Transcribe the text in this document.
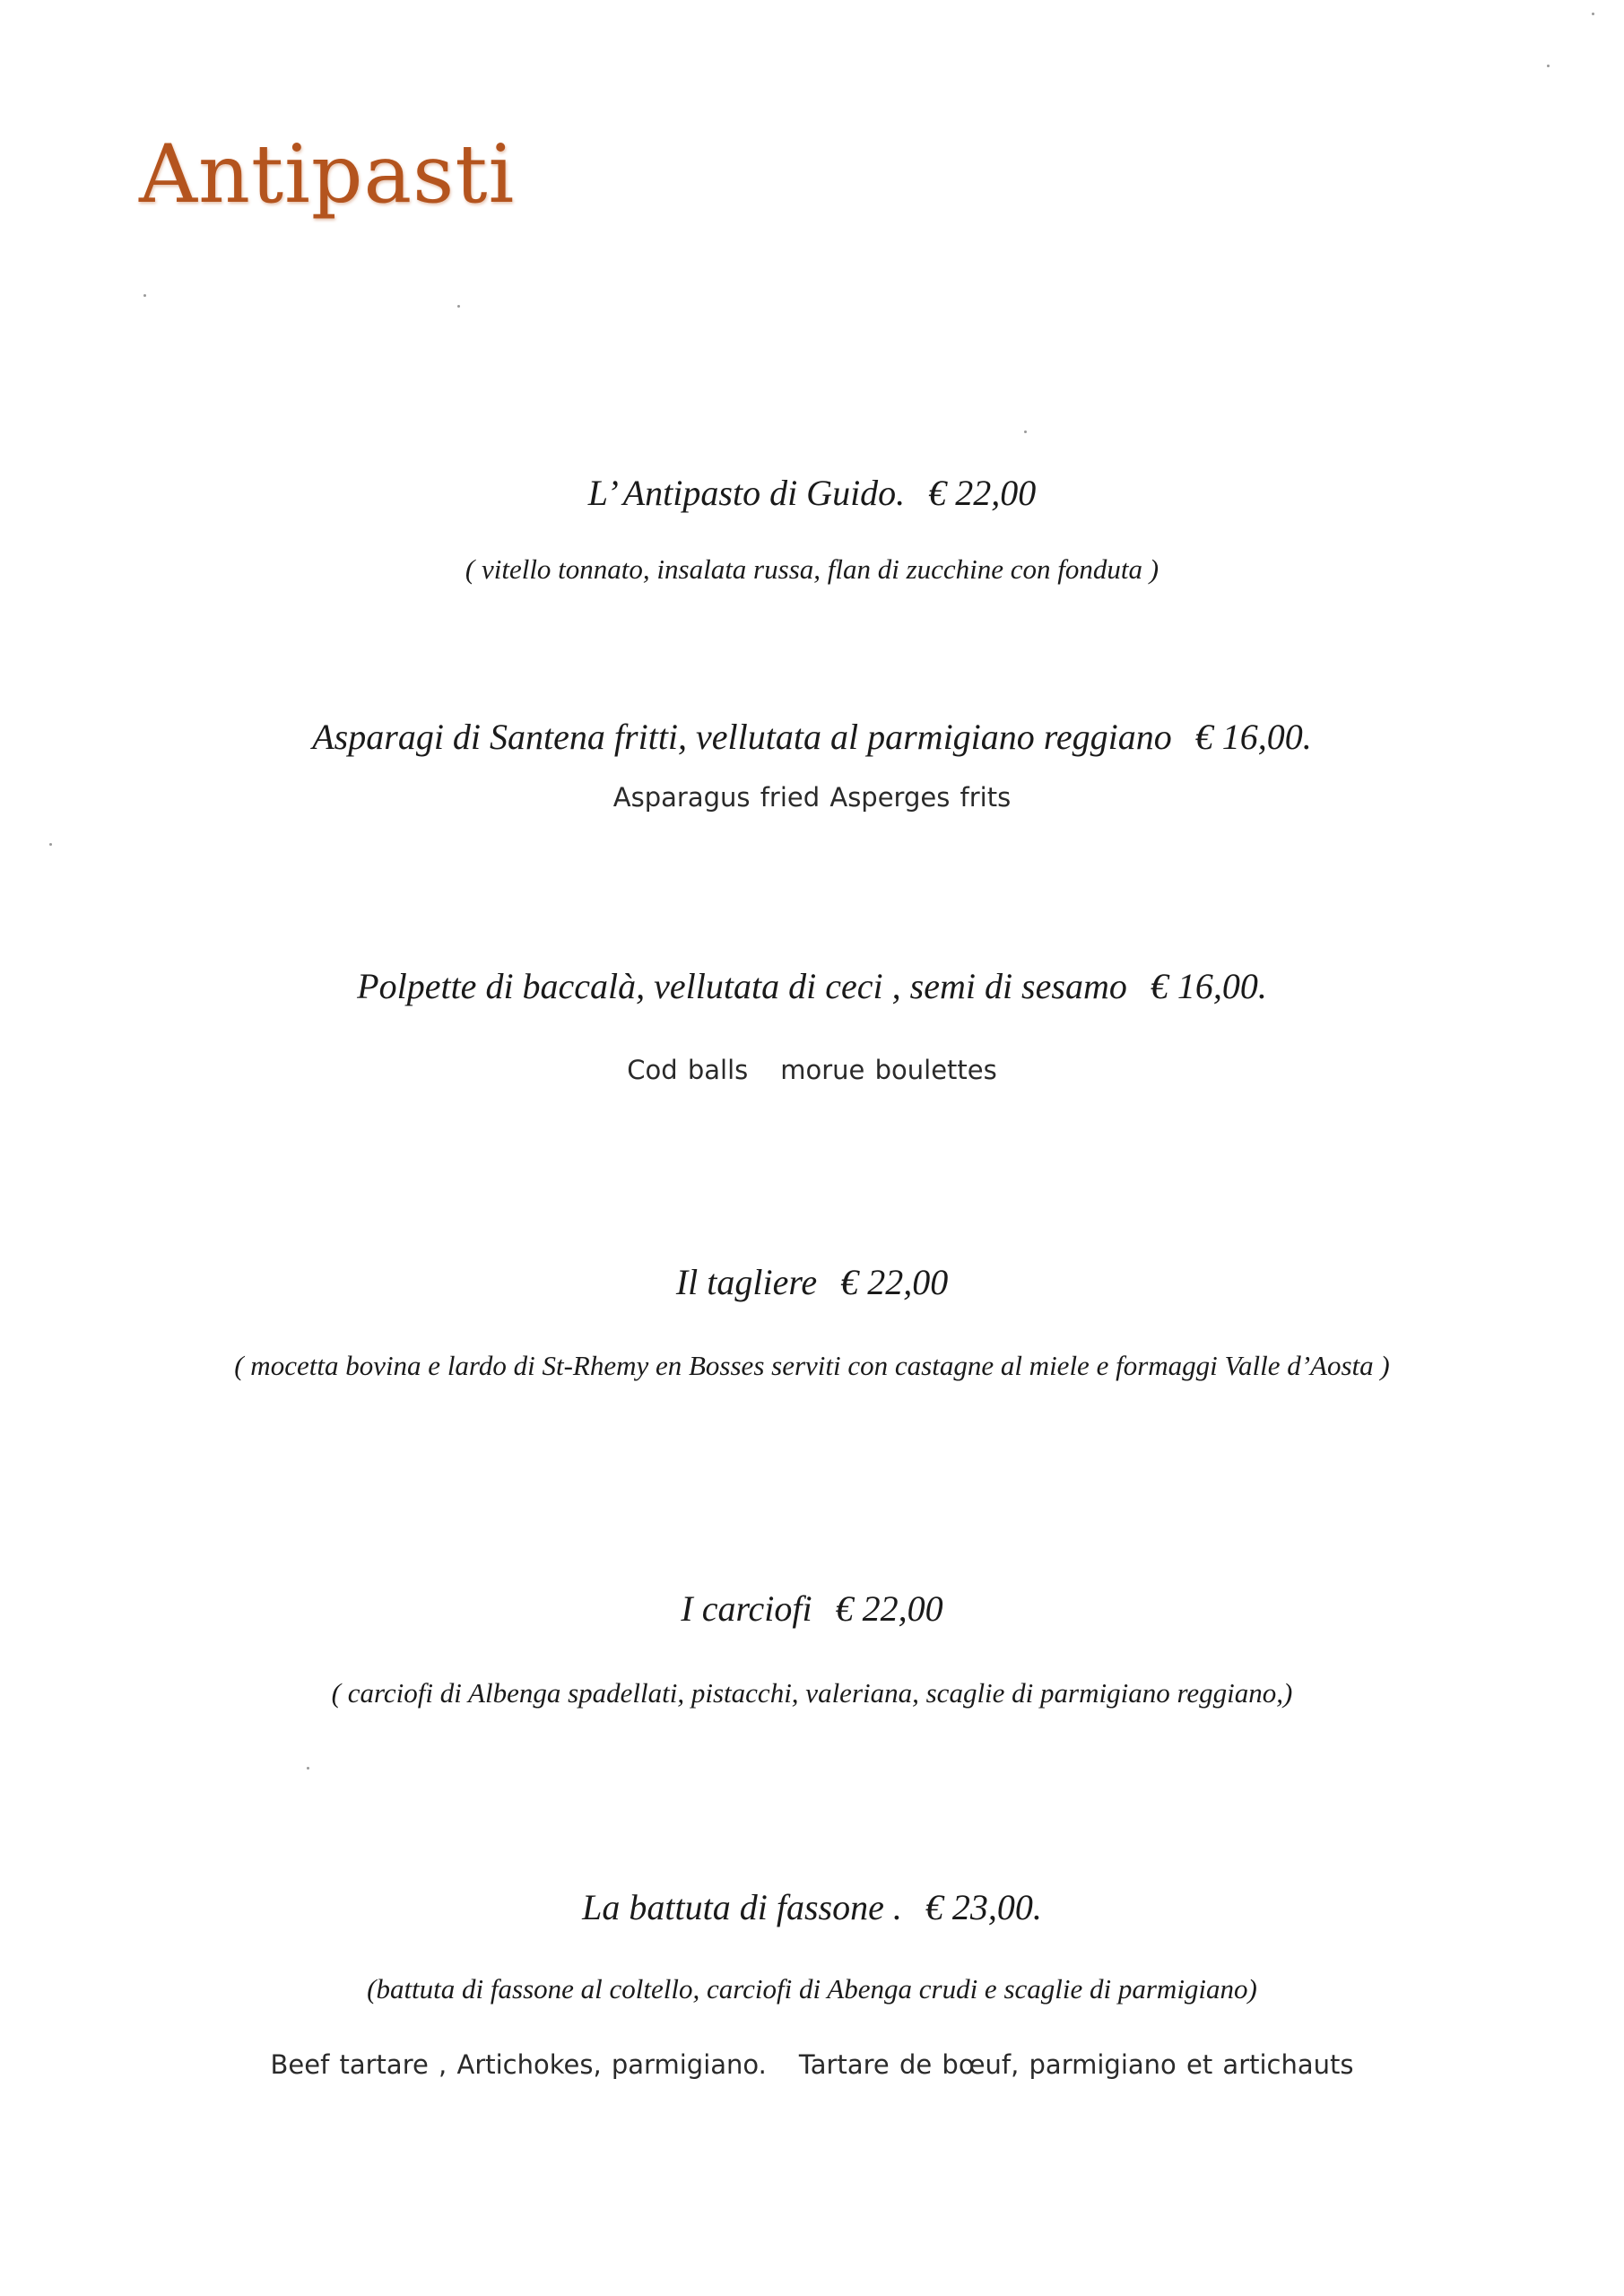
Antipasti
L’ Antipasto di Guido. € 22,00
( vitello tonnato, insalata russa, flan di zucchine con fonduta )
Asparagi di Santena fritti, vellutata al parmigiano reggiano € 16,00.
Asparagus fried Asperges frits
Polpette di baccalà, vellutata di ceci , semi di sesamo € 16,00.
Cod balls morue boulettes
Il tagliere € 22,00
( mocetta bovina e lardo di St-Rhemy en Bosses serviti con castagne al miele e formaggi Valle d’Aosta )
I carciofi € 22,00
( carciofi di Albenga spadellati, pistacchi, valeriana, scaglie di parmigiano reggiano,)
La battuta di fassone . € 23,00.
(battuta di fassone al coltello, carciofi di Abenga crudi e scaglie di parmigiano)
Beef tartare , Artichokes, parmigiano. Tartare de bœuf, parmigiano et artichauts
